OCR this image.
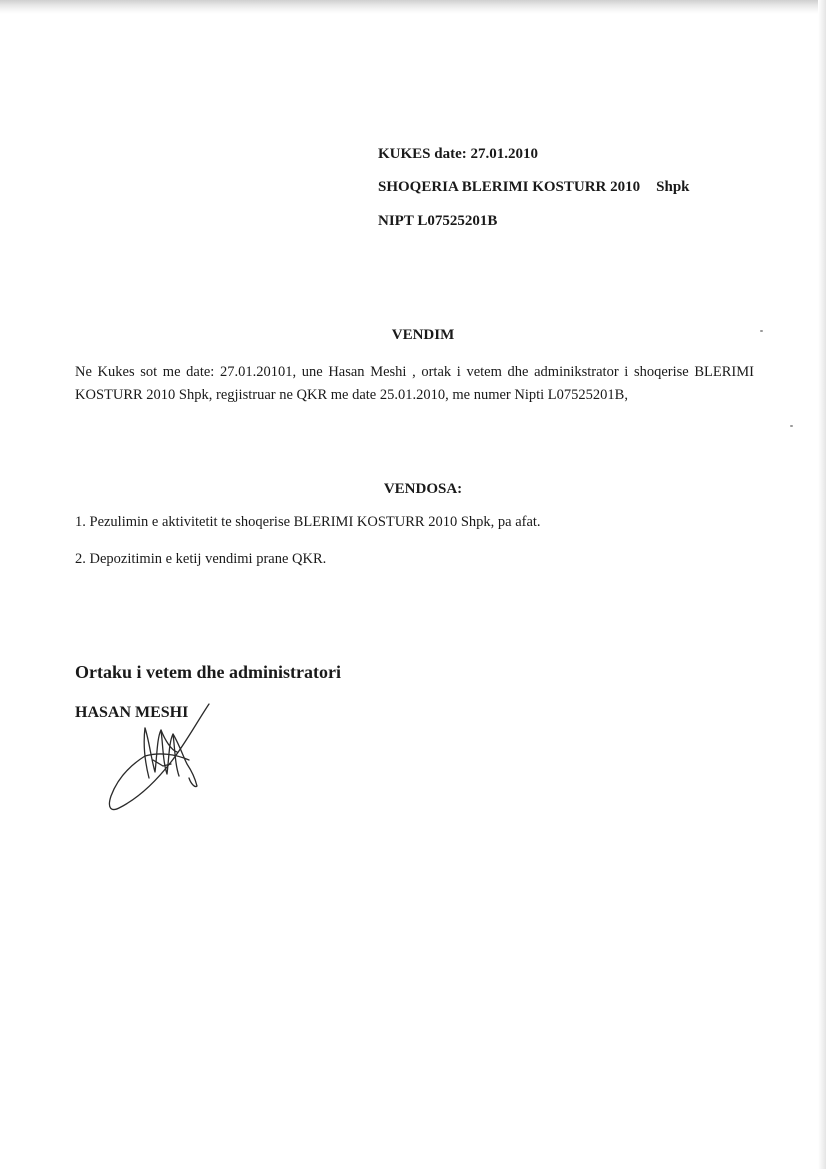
KUKES date: 27.01.2010
SHOQERIA BLERIMI KOSTURR 2010 Shpk
NIPT L07525201B
VENDIM
Ne Kukes sot me date: 27.01.20101, une Hasan Meshi , ortak i vetem dhe adminikstrator i shoqerise BLERIMI KOSTURR 2010 Shpk, regjistruar ne QKR me date 25.01.2010, me numer Nipti L07525201B,
VENDOSA:
1. Pezulimin e aktivitetit te shoqerise BLERIMI KOSTURR 2010 Shpk, pa afat.
2. Depozitimin e ketij vendimi prane QKR.
Ortaku i vetem dhe administratori
HASAN MESHI
